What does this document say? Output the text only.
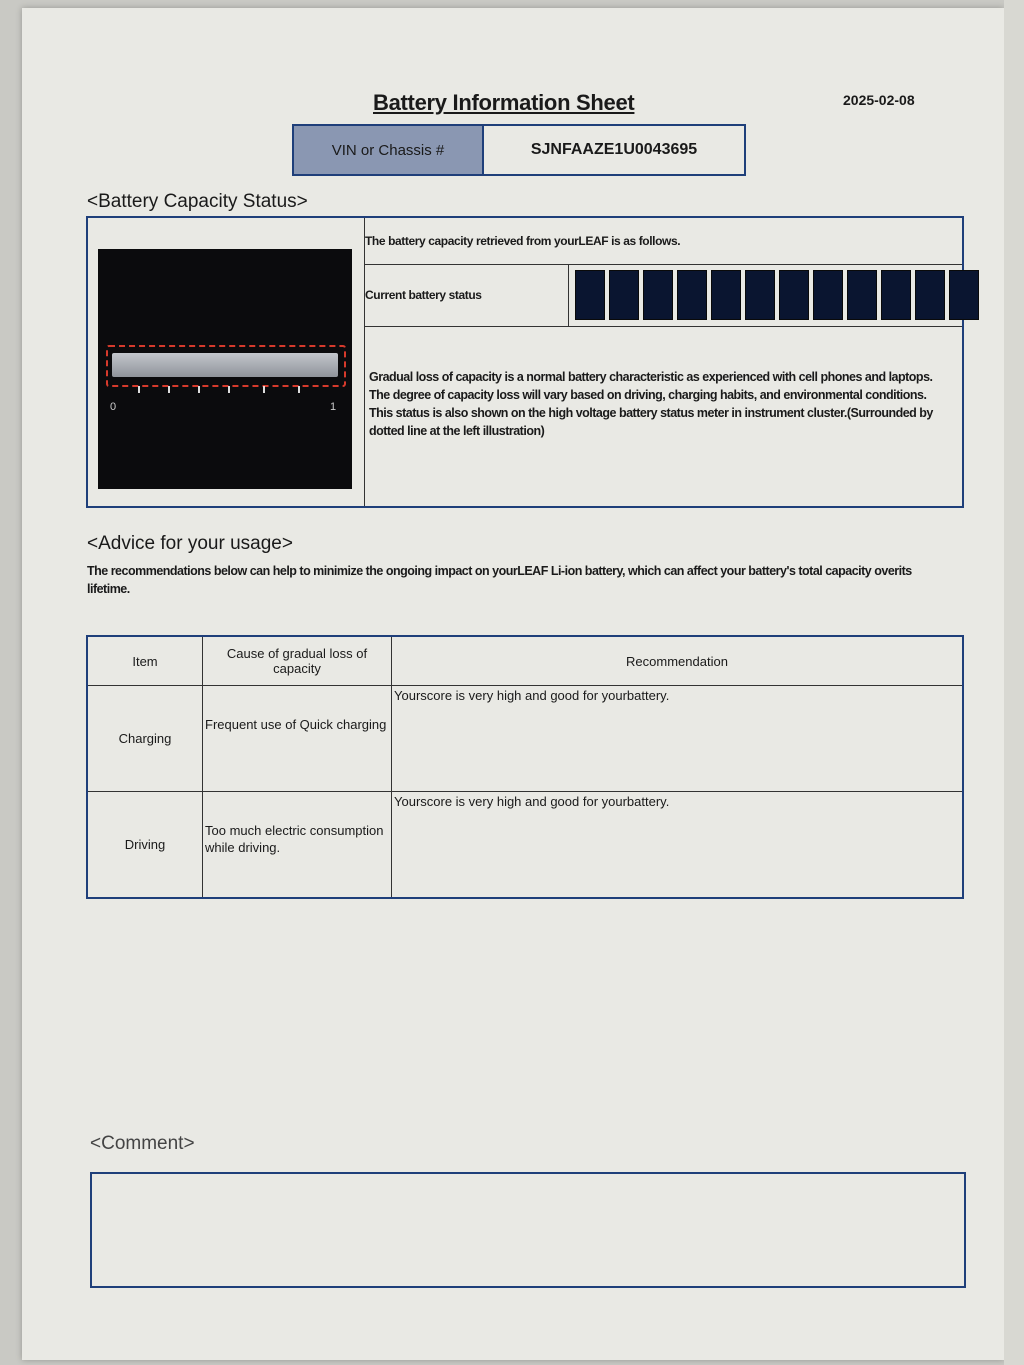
Battery Information Sheet	2025-02-08
VIN or Chassis #	SJNFAAZE1U0043695
<Battery Capacity Status>
0	1
The battery capacity retrieved from yourLEAF is as follows.
Current battery status
Gradual loss of capacity is a normal battery characteristic as experienced with cell phones and laptops. The degree of capacity loss will vary based on driving, charging habits, and environmental conditions. This status is also shown on the high voltage battery status meter in instrument cluster.(Surrounded by dotted line at the left illustration)
<Advice for your usage>
The recommendations below can help to minimize the ongoing impact on yourLEAF Li-ion battery, which can affect your battery's total capacity overits lifetime.
Item	Cause of gradual loss of capacity	Recommendation
Charging	Frequent use of Quick charging	Yourscore is very high and good for yourbattery.

Driving	Too much electric consumption while driving.	Yourscore is very high and good for yourbattery.
<Comment>
